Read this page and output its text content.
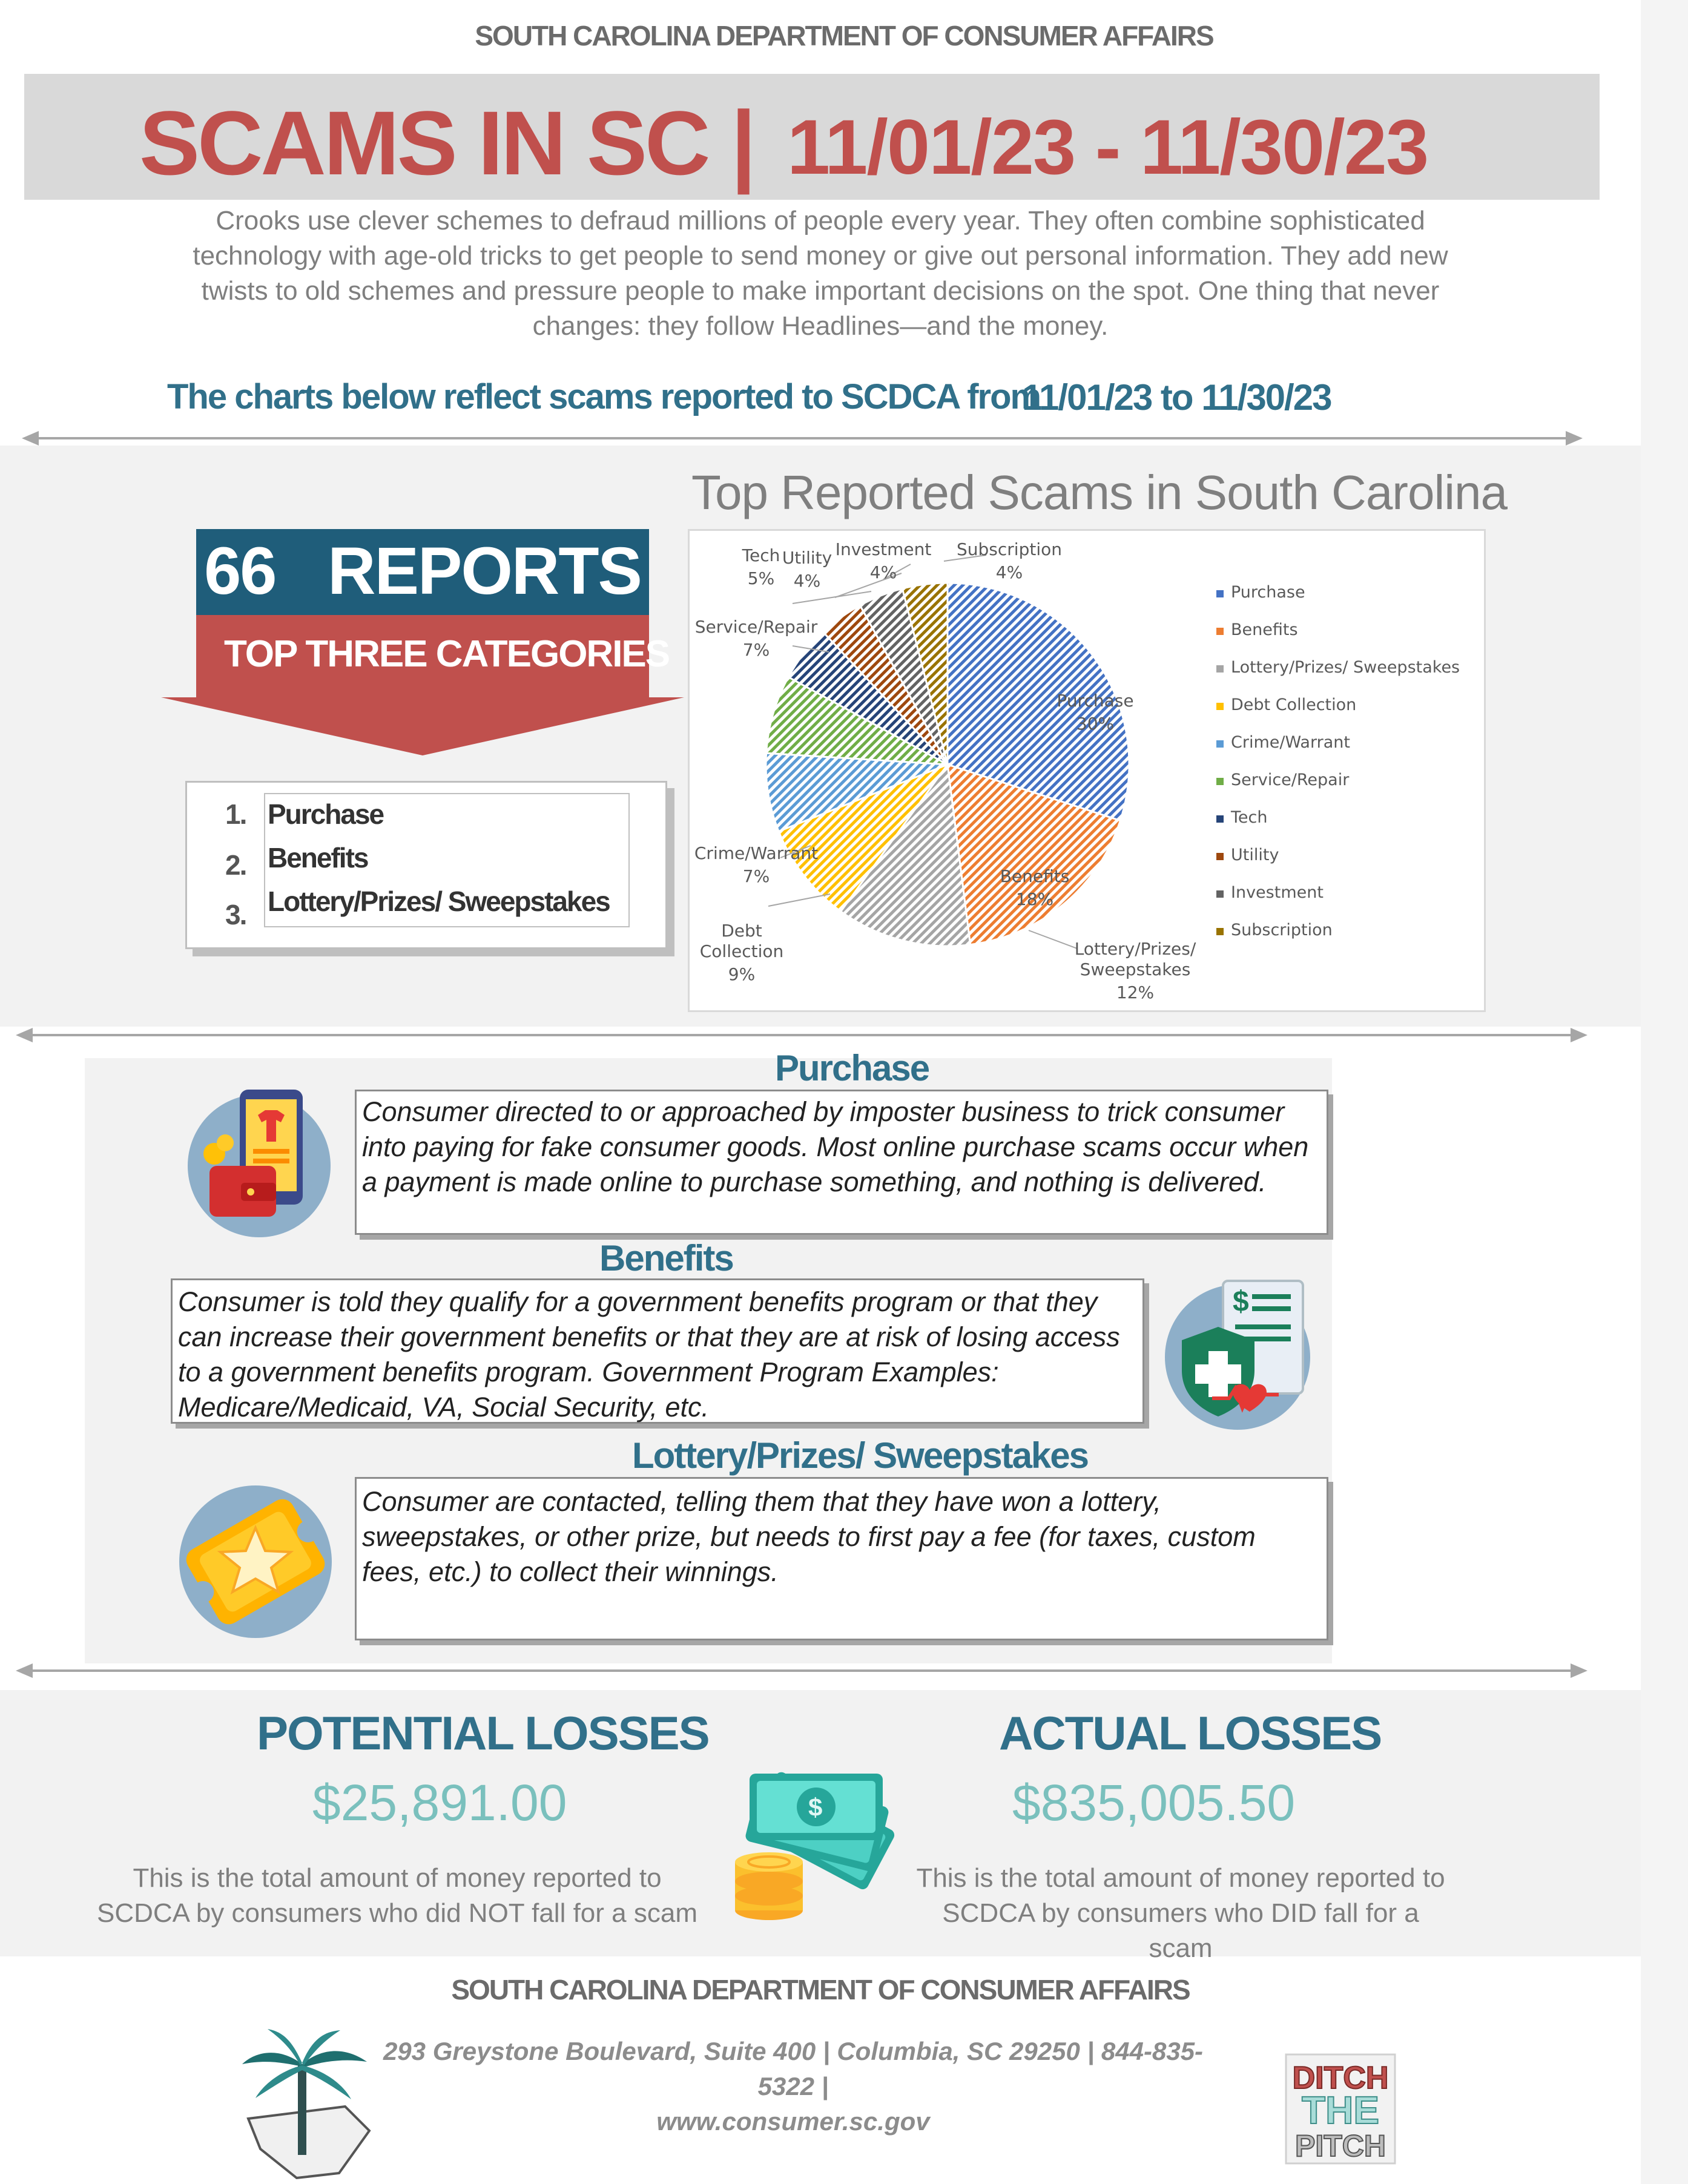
SOUTH CAROLINA DEPARTMENT OF CONSUMER AFFAIRS
SCAMS IN SC | 11/01/23 - 11/30/23
Crooks use clever schemes to defraud millions of people every year. They often combine sophisticated technology with age-old tricks to get people to send money or give out personal information. They add new twists to old schemes and pressure people to make important decisions on the spot. One thing that never changes: they follow Headlines—and the money.
The charts below reflect scams reported to SCDCA from
11/01/23 to 11/30/23
Top Reported Scams in South Carolina
Purchase
30%
Benefits
18%
Lottery/Prizes/ Sweepstakes
12%
Debt Collection
9%
Crime/Warrant
7%
Service/Repair
7%
Tech
5%
Utility
4%
Investment
4%
Subscription
4%
Purchase
Benefits
Lottery/Prizes/ Sweepstakes
Debt Collection
Crime/Warrant
Service/Repair
Tech
Utility
Investment
Subscription
66   REPORTS
TOP THREE CATEGORIES
1. Purchase
2. Benefits
3. Lottery/Prizes/ Sweepstakes
Purchase
Consumer directed to or approached by imposter business to trick consumer into paying for fake consumer goods. Most online purchase scams occur when a payment is made online to purchase something, and nothing is delivered.
Benefits
Consumer is told they qualify for a government benefits program or that they can increase their government benefits or that they are at risk of losing access to a government benefits program. Government Program Examples: Medicare/Medicaid, VA, Social Security, etc.
$
Lottery/Prizes/ Sweepstakes
Consumer are contacted, telling them that they have won a lottery, sweepstakes, or other prize, but needs to first pay a fee (for taxes, custom fees, etc.) to collect their winnings.
POTENTIAL LOSSES
$25,891.00
This is the total amount of money reported to SCDCA by consumers who did NOT fall for a scam
$
ACTUAL LOSSES
$835,005.50
This is the total amount of money reported to SCDCA by consumers who DID fall for a scam
SOUTH CAROLINA DEPARTMENT OF CONSUMER AFFAIRS
293 Greystone Boulevard, Suite 400 | Columbia, SC 29250 | 844-835-5322 |
www.consumer.sc.gov
DITCH
THE
PITCH
